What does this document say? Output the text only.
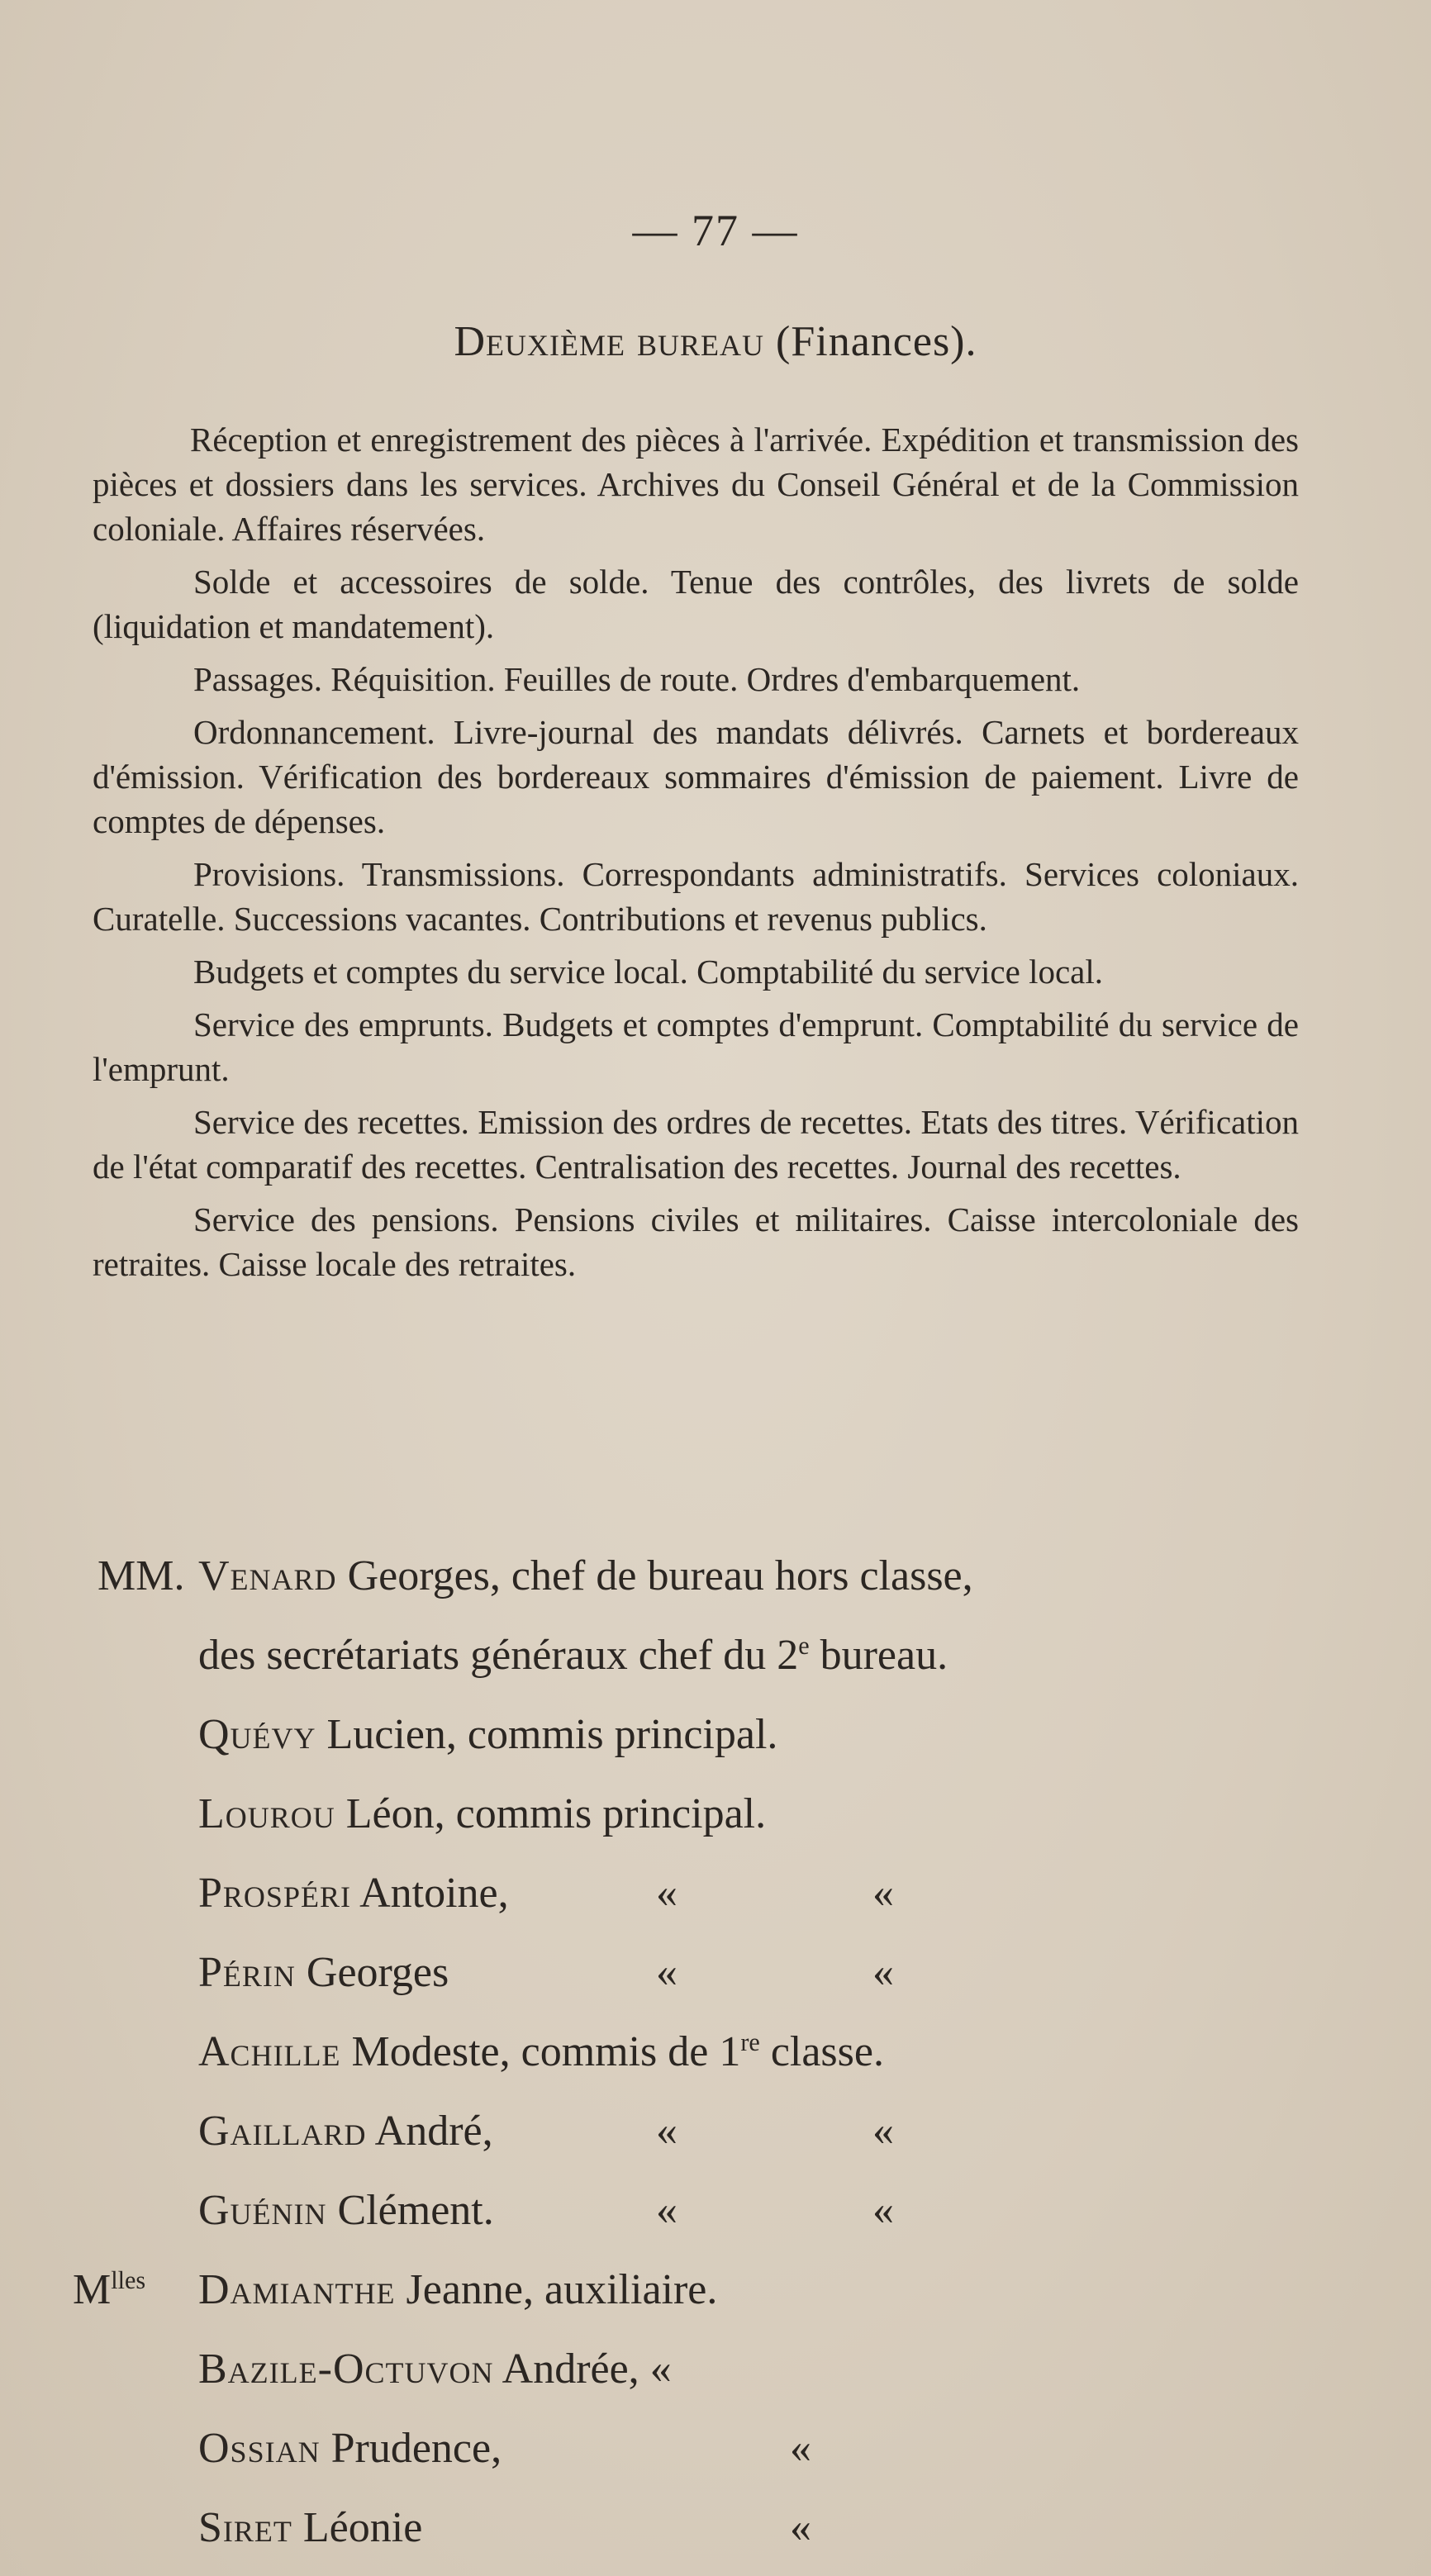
— 77 —
Deuxième bureau (Finances).

Réception et enregistrement des pièces à l'arrivée. Expédition et transmission des pièces et dossiers dans les services. Archives du Conseil Général et de la Commission coloniale. Affaires réservées.

Solde et accessoires de solde. Tenue des contrôles, des livrets de solde (liquidation et mandatement).

Passages. Réquisition. Feuilles de route. Ordres d'embarquement.

Ordonnancement. Livre-journal des mandats délivrés. Carnets et bordereaux d'émission. Vérification des bordereaux sommaires d'émission de paiement. Livre de comptes de dépenses.

Provisions. Transmissions. Correspondants administratifs. Services coloniaux. Curatelle. Successions vacantes. Contributions et revenus publics.

Budgets et comptes du service local. Comptabilité du service local.

Service des emprunts. Budgets et comptes d'emprunt. Comptabilité du service de l'emprunt.

Service des recettes. Emission des ordres de recettes. Etats des titres. Vérification de l'état comparatif des recettes. Centralisation des recettes. Journal des recettes.

Service des pensions. Pensions civiles et militaires. Caisse intercoloniale des retraites. Caisse locale des retraites.

MM. Venard Georges, chef de bureau hors classe,
des secrétariats généraux chef du 2e bureau.
Quévy Lucien, commis principal.
Lourou Léon, commis principal.
Prospéri Antoine,	«	«
Périn Georges	«	«
Achille Modeste, commis de 1re classe.
Gaillard André,	«	«
Guénin Clément.	«	«
$M^{lles}$ Damianthe Jeanne, auxiliaire.
Bazile-Octuvon Andrée, «
Ossian Prudence,	«
Siret Léonie	«
